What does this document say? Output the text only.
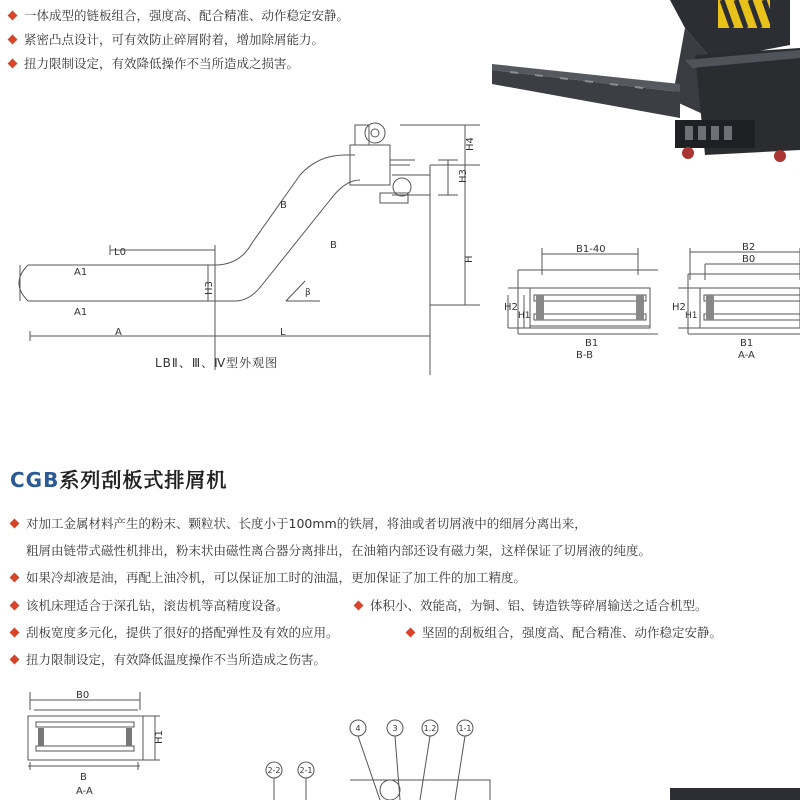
一体成型的链板组合，强度高、配合精准、动作稳定安静。
紧密凸点设计，可有效防止碎屑附着，增加除屑能力。
扭力限制设定，有效降低操作不当所造成之损害。
L0
A1
A1
A	L
H3
H3
H4
H
B
B
β
B1-40
B1
H2
H1
B-B
B2
B0
B1
H2
H1
A-A
LBⅡ、Ⅲ、Ⅳ型外观图
CGB系列刮板式排屑机
对加工金属材料产生的粉末、颗粒状、长度小于100mm的铁屑，将油或者切屑液中的细屑分离出来，
粗屑由链带式磁性机排出，粉末状由磁性离合器分离排出，在油箱内部还设有磁力架，这样保证了切屑液的纯度。
如果冷却液是油，再配上油冷机，可以保证加工时的油温，更加保证了加工件的加工精度。
该机床理适合于深孔钻，滚齿机等高精度设备。	体积小、效能高，为铜、铝、铸造铁等碎屑输送之适合机型。
刮板宽度多元化，提供了很好的搭配弹性及有效的应用。	坚固的刮板组合，强度高、配合精准、动作稳定安静。
扭力限制设定，有效降低温度操作不当所造成之伤害。
B0
H1
B
A-A
4	3	1.2	1-1
2-2 2-1
